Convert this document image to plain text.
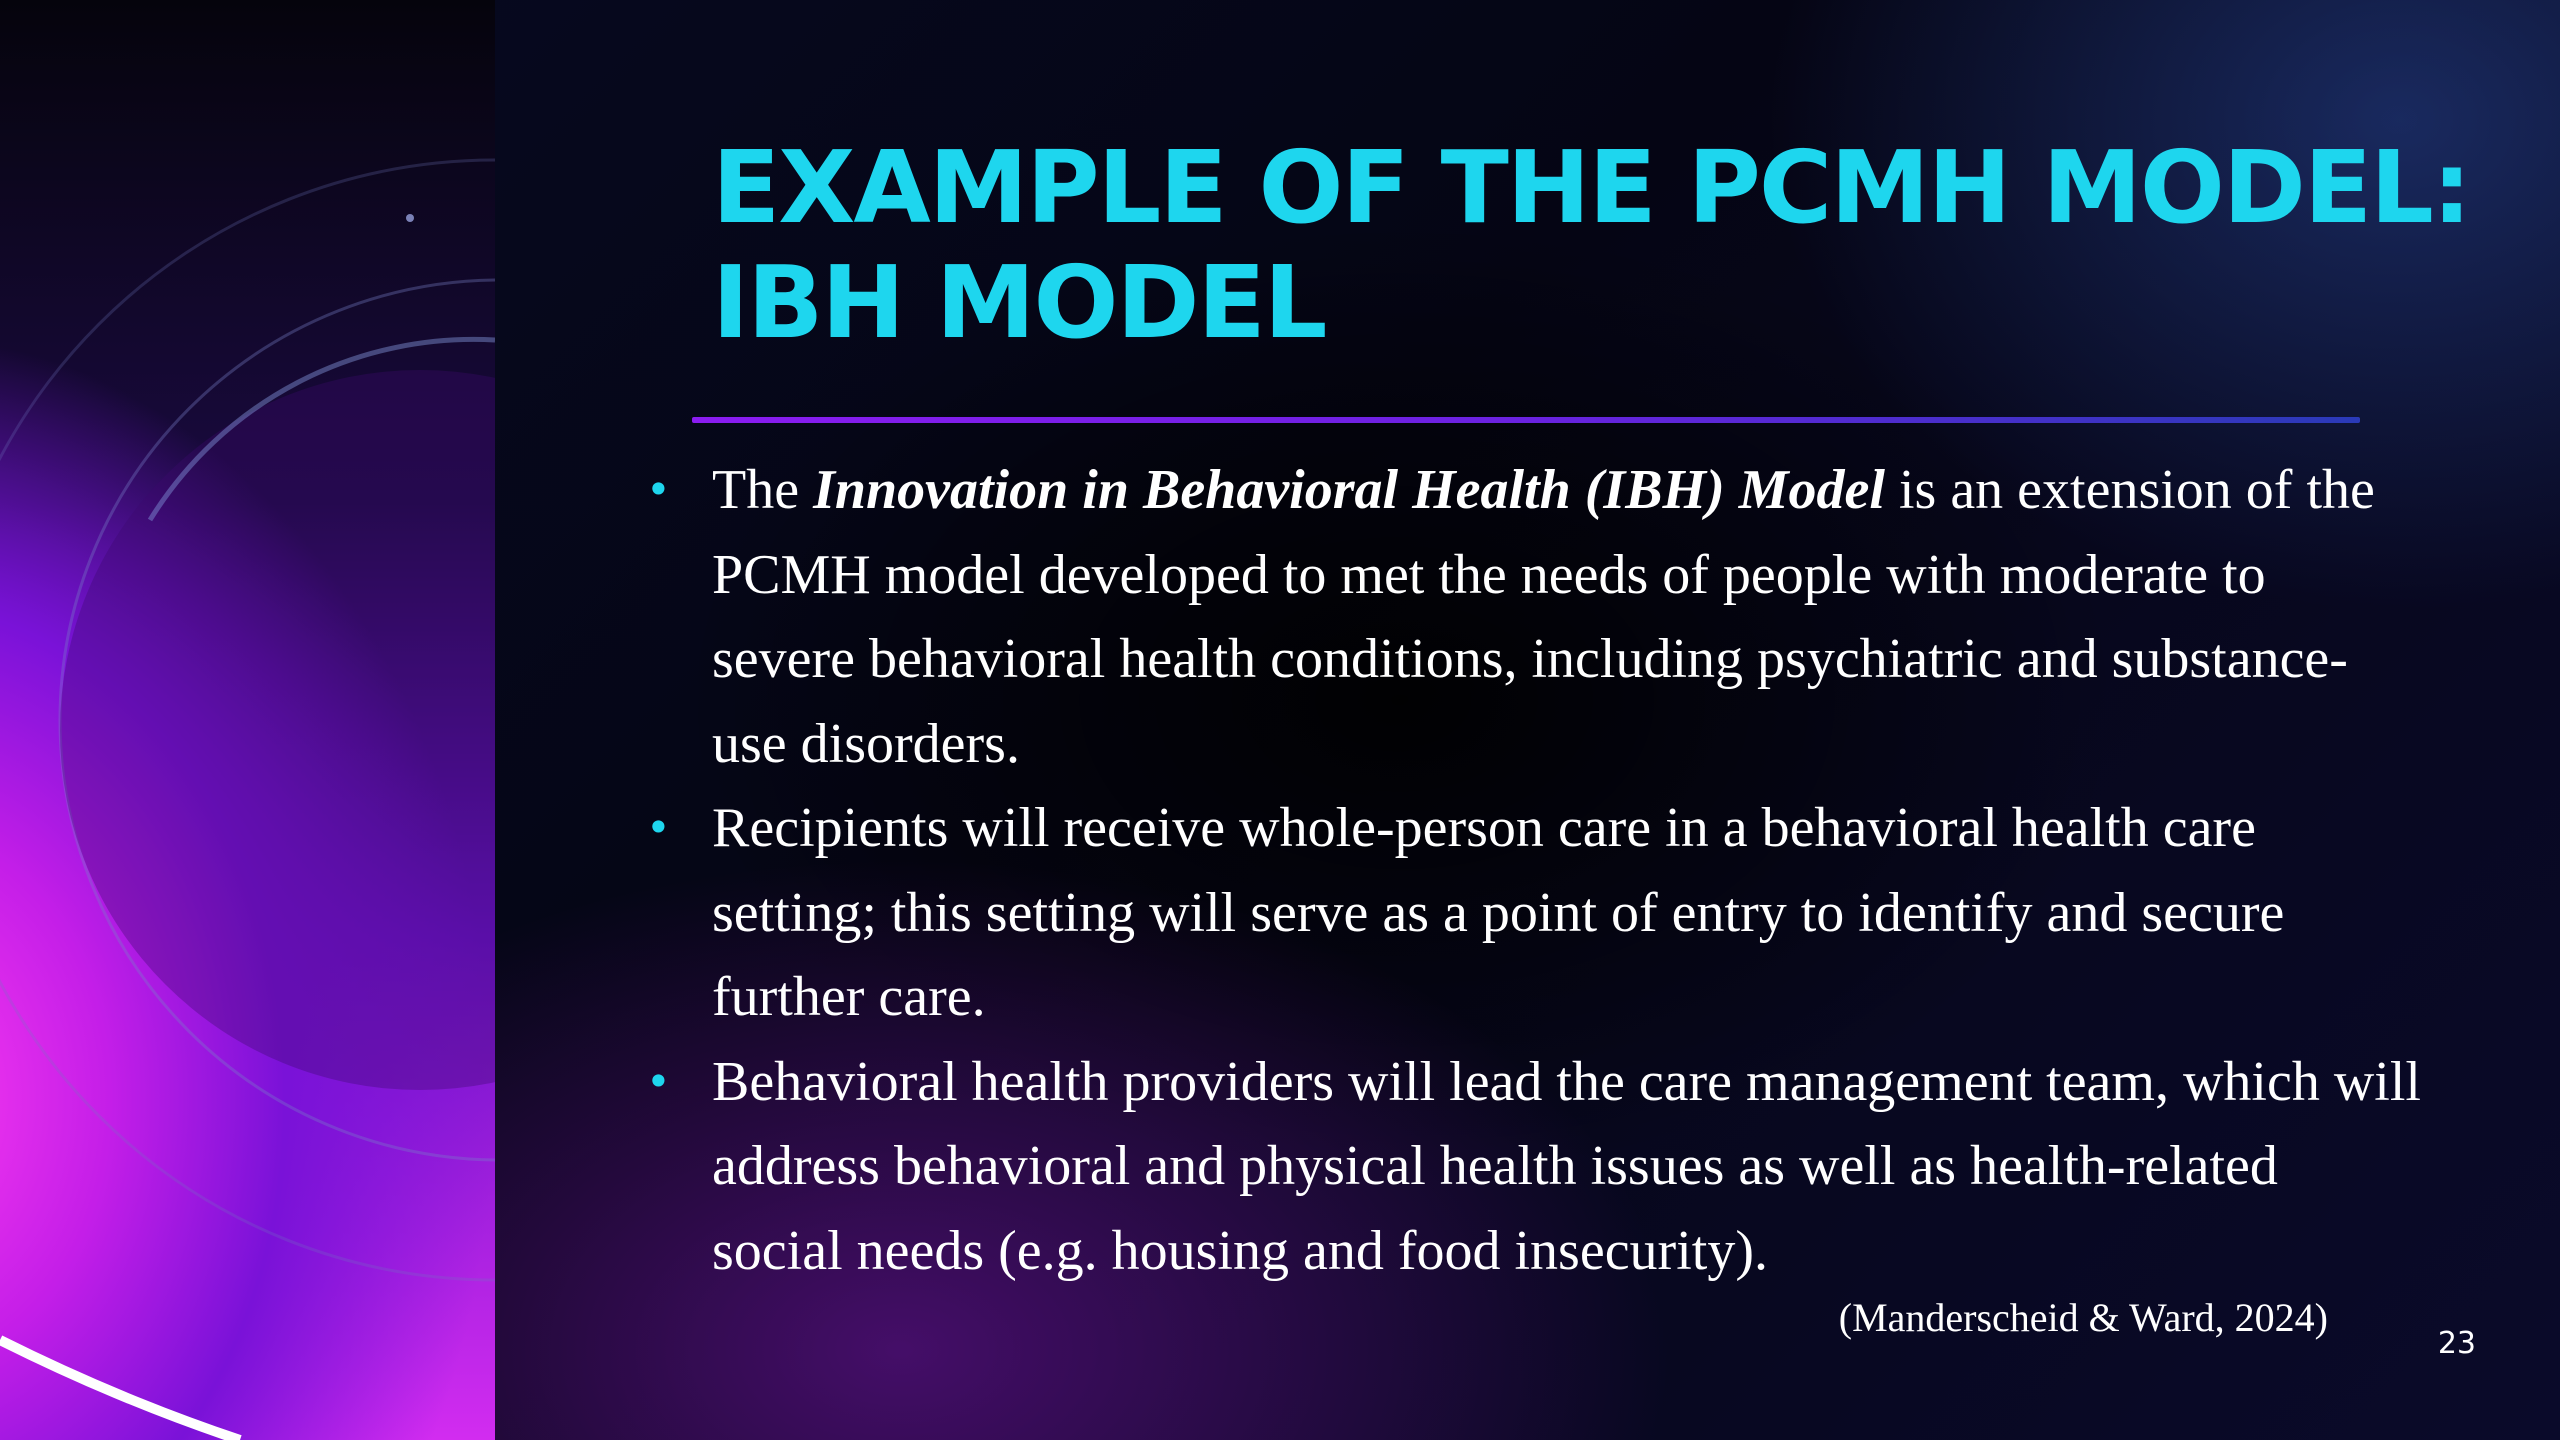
EXAMPLE OF THE PCMH MODEL: IBH MODEL
• The Innovation in Behavioral Health (IBH) Model is an extension of the PCMH model developed to met the needs of people with moderate to severe behavioral health conditions, including psychiatric and substance-use disorders.
• Recipients will receive whole-person care in a behavioral health care setting; this setting will serve as a point of entry to identify and secure further care.
• Behavioral health providers will lead the care management team, which will address behavioral and physical health issues as well as health-related social needs (e.g. housing and food insecurity).

(Manderscheid & Ward, 2024)

23
